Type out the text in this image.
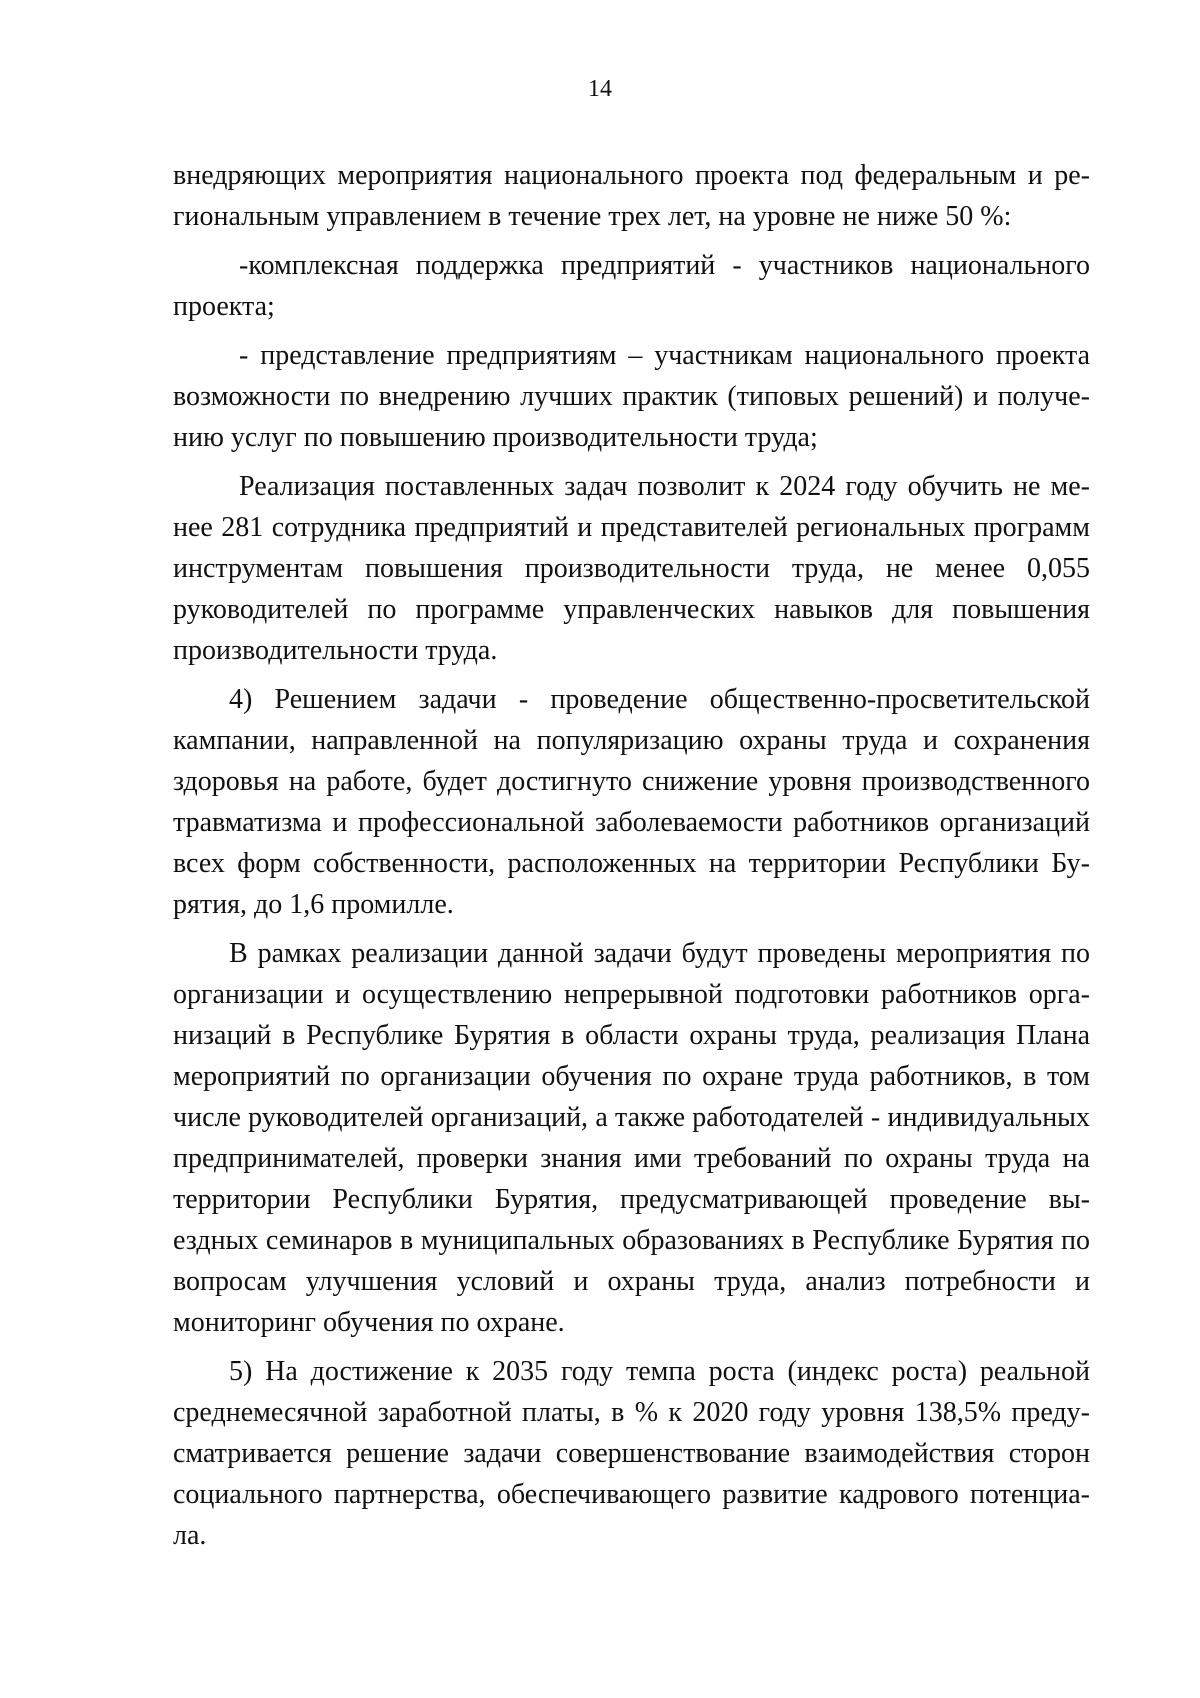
14

внедряющих мероприятия национального проекта под федеральным и региональным управлением в течение трех лет, на уровне не ниже 50 %:

-комплексная поддержка предприятий - участников национального проекта;

- представление предприятиям – участникам национального проекта возможности по внедрению лучших практик (типовых решений) и получению услуг по повышению производительности труда;

Реализация поставленных задач позволит к 2024 году обучить не менее 281 сотрудника предприятий и представителей региональных программ инструментам повышения производительности труда, не менее 0,055 руководителей по программе управленческих навыков для повышения производительности труда.

4) Решением задачи - проведение общественно-просветительской кампании, направленной на популяризацию охраны труда и сохранения здоровья на работе, будет достигнуто снижение уровня производственного травматизма и профессиональной заболеваемости работников организаций всех форм собственности, расположенных на территории Республики Бурятия, до 1,6 промилле.

В рамках реализации данной задачи будут проведены мероприятия по организации и осуществлению непрерывной подготовки работников организаций в Республике Бурятия в области охраны труда, реализация Плана мероприятий по организации обучения по охране труда работников, в том числе руководителей организаций, а также работодателей - индивидуальных предпринимателей, проверки знания ими требований по охраны труда на территории Республики Бурятия, предусматривающей проведение выездных семинаров в муниципальных образованиях в Республике Бурятия по вопросам улучшения условий и охраны труда, анализ потребности и мониторинг обучения по охране.

5) На достижение к 2035 году темпа роста (индекс роста) реальной среднемесячной заработной платы, в % к 2020 году уровня 138,5% предусматривается решение задачи совершенствование взаимодействия сторон социального партнерства, обеспечивающего развитие кадрового потенциала.
